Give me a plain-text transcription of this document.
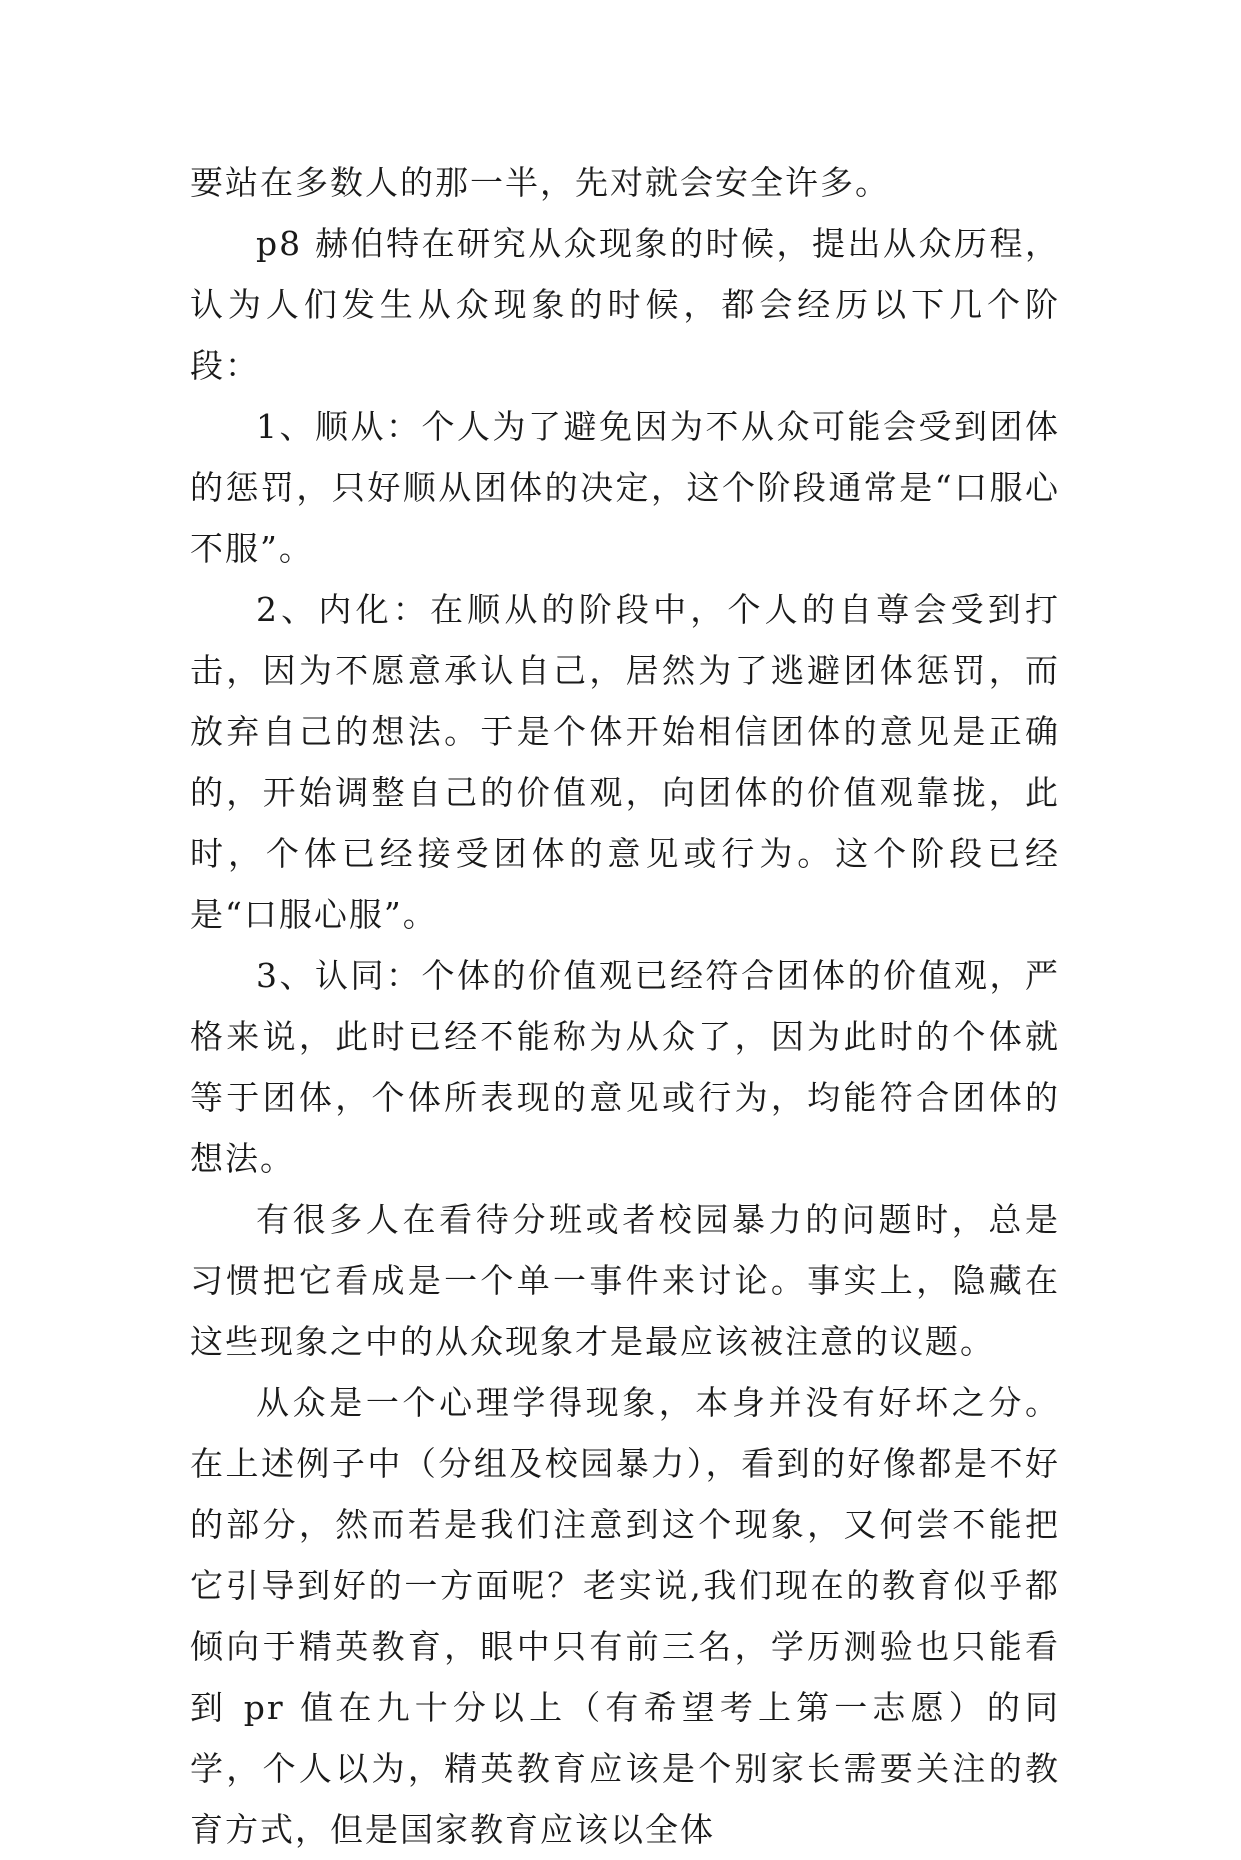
要站在多数人的那一半，先对就会安全许多。

p8 赫伯特在研究从众现象的时候，提出从众历程，认为人们发生从众现象的时候，都会经历以下几个阶段：

1、顺从：个人为了避免因为不从众可能会受到团体的惩罚，只好顺从团体的决定，这个阶段通常是“口服心不服”。

2、内化：在顺从的阶段中，个人的自尊会受到打击，因为不愿意承认自己，居然为了逃避团体惩罚，而放弃自己的想法。于是个体开始相信团体的意见是正确的，开始调整自己的价值观，向团体的价值观靠拢，此时，个体已经接受团体的意见或行为。这个阶段已经是“口服心服”。

3、认同：个体的价值观已经符合团体的价值观，严格来说，此时已经不能称为从众了，因为此时的个体就等于团体，个体所表现的意见或行为，均能符合团体的想法。

有很多人在看待分班或者校园暴力的问题时，总是习惯把它看成是一个单一事件来讨论。事实上，隐藏在这些现象之中的从众现象才是最应该被注意的议题。

从众是一个心理学得现象，本身并没有好坏之分。在上述例子中（分组及校园暴力），看到的好像都是不好的部分，然而若是我们注意到这个现象，又何尝不能把它引导到好的一方面呢？老实说,我们现在的教育似乎都倾向于精英教育，眼中只有前三名，学历测验也只能看到 pr 值在九十分以上（有希望考上第一志愿）的同学，个人以为，精英教育应该是个别家长需要关注的教育方式，但是国家教育应该以全体
